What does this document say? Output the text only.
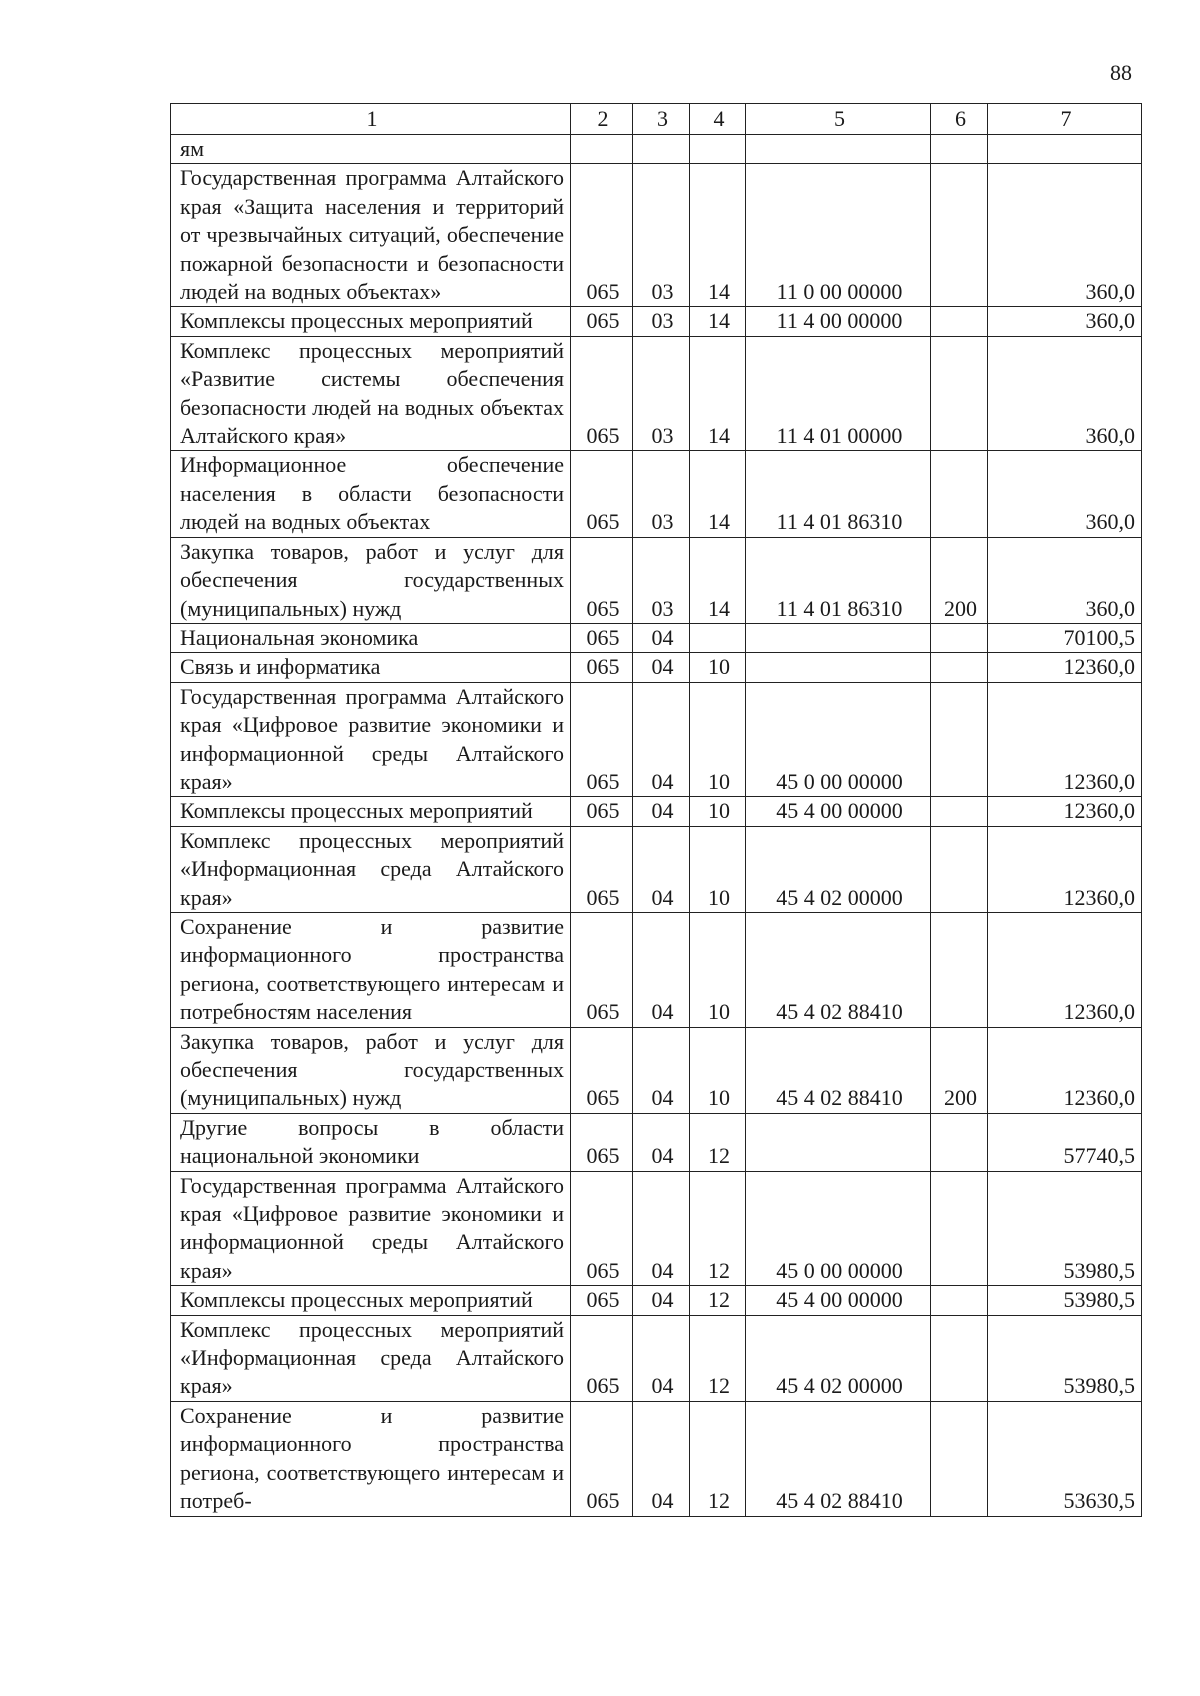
88
1	2	3	4	5	6	7
ям						
Государственная программа Алтайского края «Защита населения и территорий от чрезвычайных ситуаций, обеспечение пожарной безопасности и безопасности людей на водных объектах»	065	03	14	11 0 00 00000		360,0
Комплексы процессных мероприятий	065	03	14	11 4 00 00000		360,0
Комплекс процессных мероприятий «Развитие системы обеспечения безопасности людей на водных объектах Алтайского края»	065	03	14	11 4 01 00000		360,0
Информационное обеспечение населения в области безопасности людей на водных объектах	065	03	14	11 4 01 86310		360,0
Закупка товаров, работ и услуг для обеспечения государственных (муниципальных) нужд	065	03	14	11 4 01 86310	200	360,0
Национальная экономика	065	04				70100,5
Связь и информатика	065	04	10			12360,0
Государственная программа Алтайского края «Цифровое развитие экономики и информационной среды Алтайского края»	065	04	10	45 0 00 00000		12360,0
Комплексы процессных мероприятий	065	04	10	45 4 00 00000		12360,0
Комплекс процессных мероприятий «Информационная среда Алтайского края»	065	04	10	45 4 02 00000		12360,0
Сохранение и развитие информационного пространства региона, соответствующего интересам и потребностям населения	065	04	10	45 4 02 88410		12360,0
Закупка товаров, работ и услуг для обеспечения государственных (муниципальных) нужд	065	04	10	45 4 02 88410	200	12360,0
Другие вопросы в области национальной экономики	065	04	12			57740,5
Государственная программа Алтайского края «Цифровое развитие экономики и информационной среды Алтайского края»	065	04	12	45 0 00 00000		53980,5
Комплексы процессных мероприятий	065	04	12	45 4 00 00000		53980,5
Комплекс процессных мероприятий «Информационная среда Алтайского края»	065	04	12	45 4 02 00000		53980,5
Сохранение и развитие информационного пространства региона, соответствующего интересам и потреб-	065	04	12	45 4 02 88410		53630,5
